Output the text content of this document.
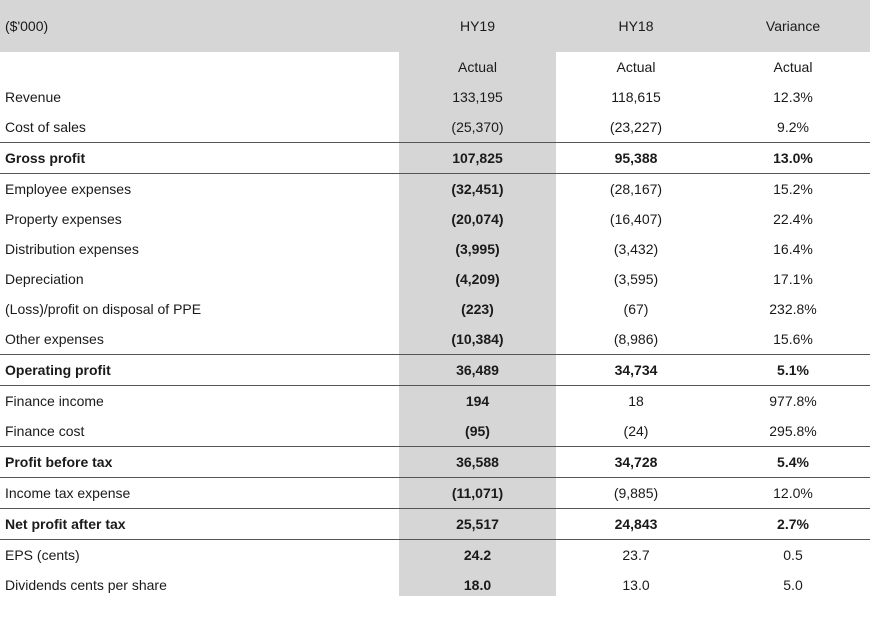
($'000)	HY19	HY18	Variance
	Actual	Actual	Actual
Revenue	133,195	118,615	12.3%
Cost of sales	(25,370)	(23,227)	9.2%
Gross profit	107,825	95,388	13.0%
Employee expenses	(32,451)	(28,167)	15.2%
Property expenses	(20,074)	(16,407)	22.4%
Distribution expenses	(3,995)	(3,432)	16.4%
Depreciation	(4,209)	(3,595)	17.1%
(Loss)/profit on disposal of PPE	(223)	(67)	232.8%
Other expenses	(10,384)	(8,986)	15.6%
Operating profit	36,489	34,734	5.1%
Finance income	194	18	977.8%
Finance cost	(95)	(24)	295.8%
Profit before tax	36,588	34,728	5.4%
Income tax expense	(11,071)	(9,885)	12.0%
Net profit after tax	25,517	24,843	2.7%
EPS (cents)	24.2	23.7	0.5
Dividends cents per share	18.0	13.0	5.0
